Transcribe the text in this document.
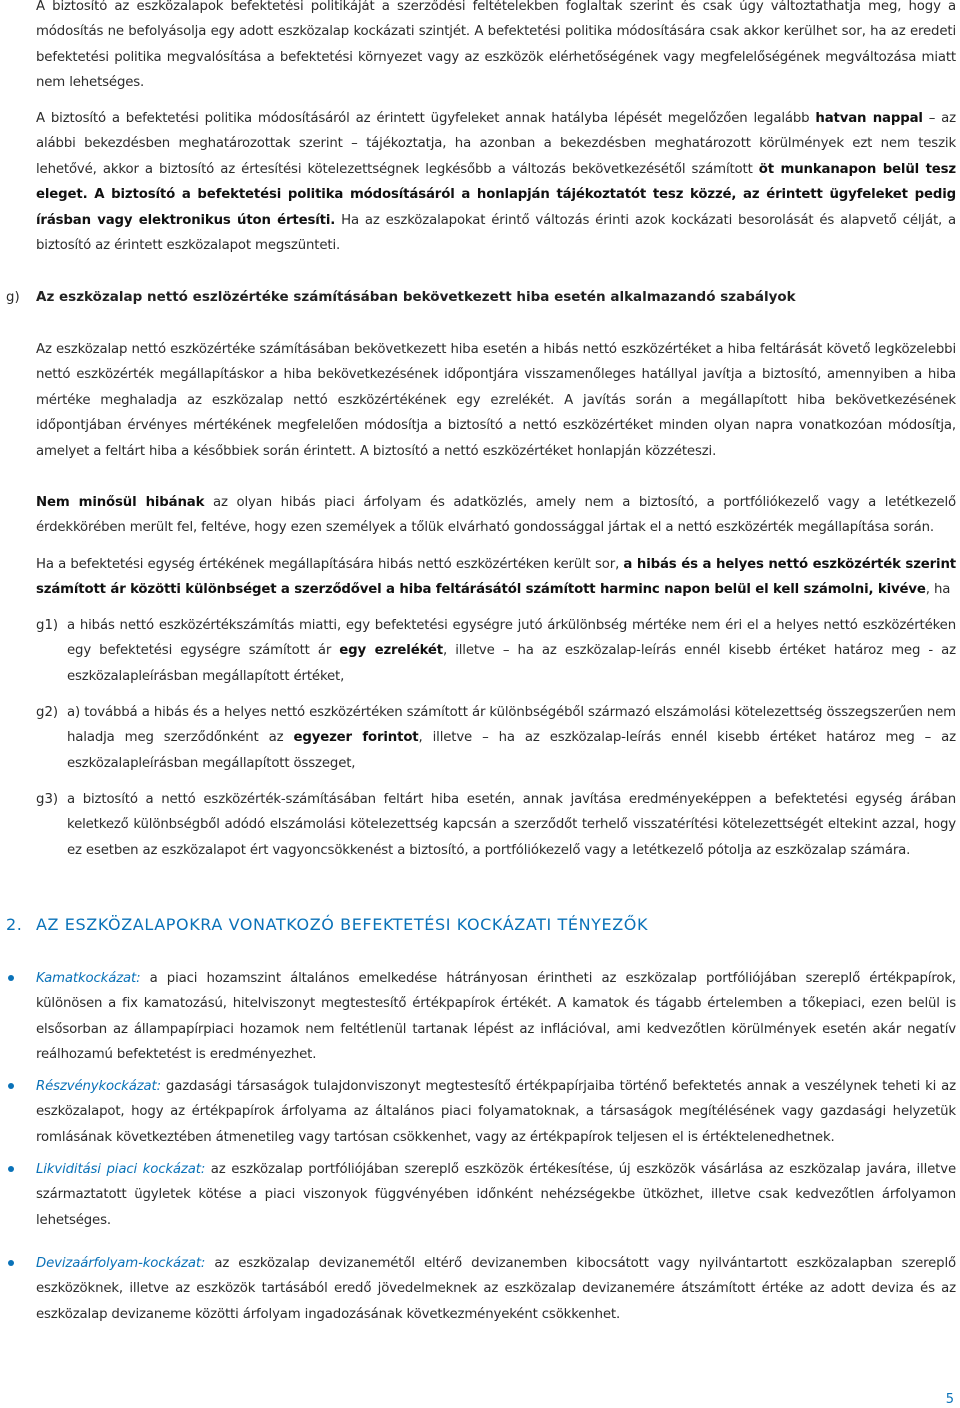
A biztosító az eszközalapok befektetési politikáját a szerződési feltételekben foglaltak szerint és csak úgy változtathatja meg, hogy a módosítás ne befolyásolja egy adott eszközalap kockázati szintjét. A befektetési politika módosítására csak akkor kerülhet sor, ha az eredeti befektetési politika megvalósítása a befektetési környezet vagy az eszközök elérhetőségének vagy megfelelőségének megváltozása miatt nem lehetséges.

A biztosító a befektetési politika módosításáról az érintett ügyfeleket annak hatályba lépését megelőzően legalább hatvan nappal – az alábbi bekezdésben meghatározottak szerint – tájékoztatja, ha azonban a bekezdésben meghatározott körülmények ezt nem teszik lehetővé, akkor a biztosító az értesítési kötelezettségnek legkésőbb a változás bekövetkezésétől számított öt munkanapon belül tesz eleget. A biztosító a befektetési politika módosításáról a honlapján tájékoztatót tesz közzé, az érintett ügyfeleket pedig írásban vagy elektronikus úton értesíti. Ha az eszközalapokat érintő változás érinti azok kockázati besorolását és alapvető célját, a biztosító az érintett eszközalapot megszünteti.

g) Az eszközalap nettó eszlözértéke számításában bekövetkezett hiba esetén alkalmazandó szabályok

Az eszközalap nettó eszközértéke számításában bekövetkezett hiba esetén a hibás nettó eszközértéket a hiba feltárását követő legközelebbi nettó eszközérték megállapításkor a hiba bekövetkezésének időpontjára visszamenőleges hatállyal javítja a biztosító, amennyiben a hiba mértéke meghaladja az eszközalap nettó eszközértékének egy ezrelékét. A javítás során a megállapított hiba bekövetkezésének időpontjában érvényes mértékének megfelelően módosítja a biztosító a nettó eszközértéket minden olyan napra vonatkozóan módosítja, amelyet a feltárt hiba a későbbiek során érintett. A biztosító a nettó eszközértéket honlapján közzéteszi.

Nem minősül hibának az olyan hibás piaci árfolyam és adatközlés, amely nem a biztosító, a portfóliókezelő vagy a letétkezelő érdekkörében merült fel, feltéve, hogy ezen személyek a tőlük elvárható gondossággal jártak el a nettó eszközérték megállapítása során.

Ha a befektetési egység értékének megállapítására hibás nettó eszközértéken került sor, a hibás és a helyes nettó eszközérték szerint számított ár közötti különbséget a szerződővel a hiba feltárásától számított harminc napon belül el kell számolni, kivéve, ha

g1) a hibás nettó eszközértékszámítás miatti, egy befektetési egységre jutó árkülönbség mértéke nem éri el a helyes nettó eszközértéken egy befektetési egységre számított ár egy ezrelékét, illetve – ha az eszközalap-leírás ennél kisebb értéket határoz meg - az eszközalapleírásban megállapított értéket,

g2) a) továbbá a hibás és a helyes nettó eszközértéken számított ár különbségéből származó elszámolási kötelezettség összegszerűen nem haladja meg szerződőnként az egyezer forintot, illetve – ha az eszközalap-leírás ennél kisebb értéket határoz meg – az eszközalapleírásban megállapított összeget,

g3) a biztosító a nettó eszközérték-számításában feltárt hiba esetén, annak javítása eredményeképpen a befektetési egység árában keletkező különbségből adódó elszámolási kötelezettség kapcsán a szerződőt terhelő visszatérítési kötelezettségét eltekint azzal, hogy ez esetben az eszközalapot ért vagyoncsökkenést a biztosító, a portfóliókezelő vagy a letétkezelő pótolja az eszközalap számára.

2. AZ ESZKÖZALAPOKRA VONATKOZÓ BEFEKTETÉSI KOCKÁZATI TÉNYEZŐK

Kamatkockázat: a piaci hozamszint általános emelkedése hátrányosan érintheti az eszközalap portfóliójában szereplő értékpapírok, különösen a fix kamatozású, hitelviszonyt megtestesítő értékpapírok értékét. A kamatok és tágabb értelemben a tőkepiaci, ezen belül is elsősorban az állampapírpiaci hozamok nem feltétlenül tartanak lépést az inflációval, ami kedvezőtlen körülmények esetén akár negatív reálhozamú befektetést is eredményezhet.

Részvénykockázat: gazdasági társaságok tulajdonviszonyt megtestesítő értékpapírjaiba történő befektetés annak a veszélynek teheti ki az eszközalapot, hogy az értékpapírok árfolyama az általános piaci folyamatoknak, a társaságok megítélésének vagy gazdasági helyzetük romlásának következtében átmenetileg vagy tartósan csökkenhet, vagy az értékpapírok teljesen el is értéktelenedhetnek.

Likviditási piaci kockázat: az eszközalap portfóliójában szereplő eszközök értékesítése, új eszközök vásárlása az eszközalap javára, illetve származtatott ügyletek kötése a piaci viszonyok függvényében időnként nehézségekbe ütközhet, illetve csak kedvezőtlen árfolyamon lehetséges.

Devizaárfolyam-kockázat: az eszközalap devizanemétől eltérő devizanemben kibocsátott vagy nyilvántartott eszközalapban szereplő eszközöknek, illetve az eszközök tartásából eredő jövedelmeknek az eszközalap devizanemére átszámított értéke az adott deviza és az eszközalap devizaneme közötti árfolyam ingadozásának következményeként csökkenhet.

5
